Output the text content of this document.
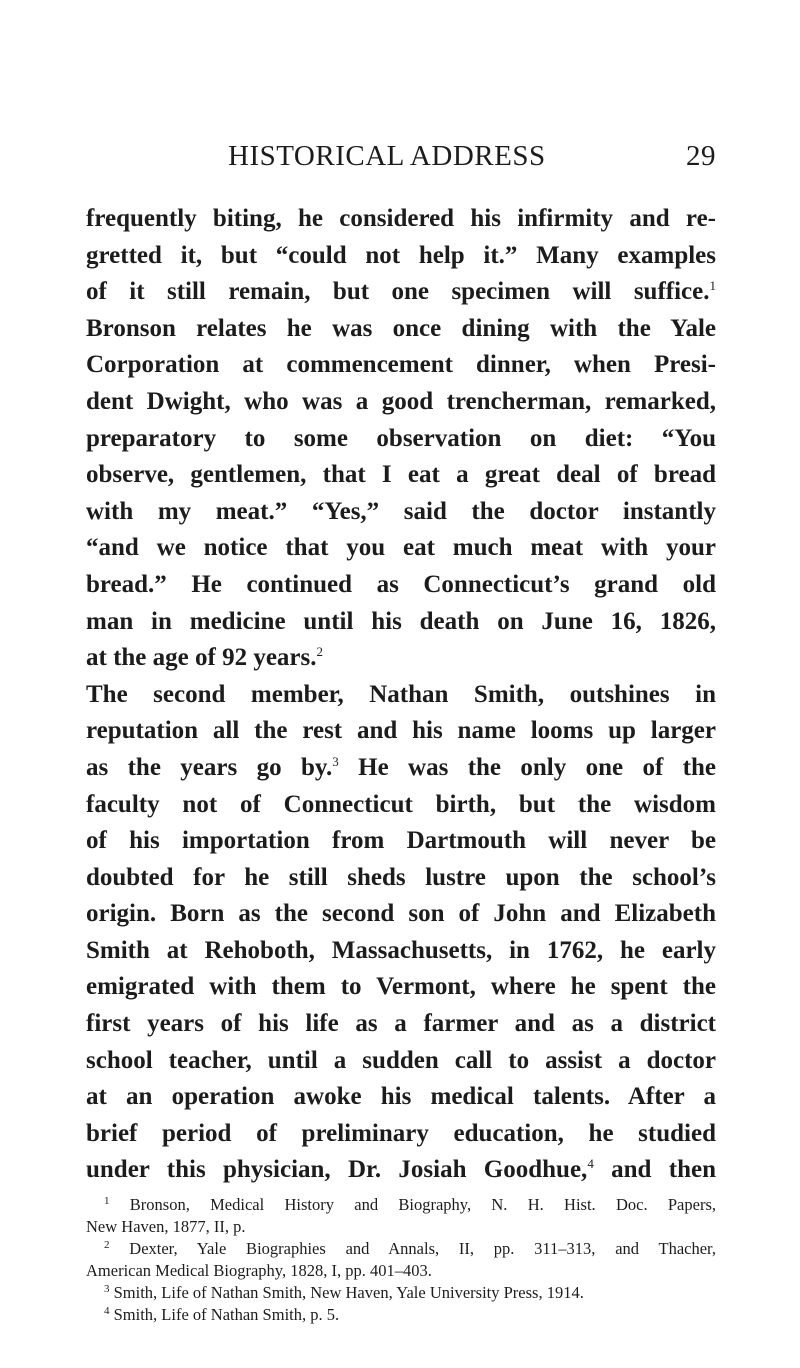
HISTORICAL ADDRESS	29
frequently biting, he considered his infirmity and re-
gretted it, but “could not help it.” Many examples
of it still remain, but one specimen will suffice.$^1$
Bronson relates he was once dining with the Yale
Corporation at commencement dinner, when Presi-
dent Dwight, who was a good trencherman, remarked,
preparatory to some observation on diet: “You
observe, gentlemen, that I eat a great deal of bread
with my meat.” “Yes,” said the doctor instantly
“and we notice that you eat much meat with your
bread.” He continued as Connecticut’s grand old
man in medicine until his death on June 16, 1826,
at the age of 92 years.$^2$
The second member, Nathan Smith, outshines in
reputation all the rest and his name looms up larger
as the years go by.$^3$ He was the only one of the
faculty not of Connecticut birth, but the wisdom
of his importation from Dartmouth will never be
doubted for he still sheds lustre upon the school’s
origin. Born as the second son of John and Elizabeth
Smith at Rehoboth, Massachusetts, in 1762, he early
emigrated with them to Vermont, where he spent the
first years of his life as a farmer and as a district
school teacher, until a sudden call to assist a doctor
at an operation awoke his medical talents. After a
brief period of preliminary education, he studied
under this physician, Dr. Josiah Goodhue,$^4$ and then
$^1$ Bronson, Medical History and Biography, N. H. Hist. Doc. Papers,
New Haven, 1877, II, p.
$^2$ Dexter, Yale Biographies and Annals, II, pp. 311–313, and Thacher,
American Medical Biography, 1828, I, pp. 401–403.
$^3$ Smith, Life of Nathan Smith, New Haven, Yale University Press, 1914.
$^4$ Smith, Life of Nathan Smith, p. 5.
